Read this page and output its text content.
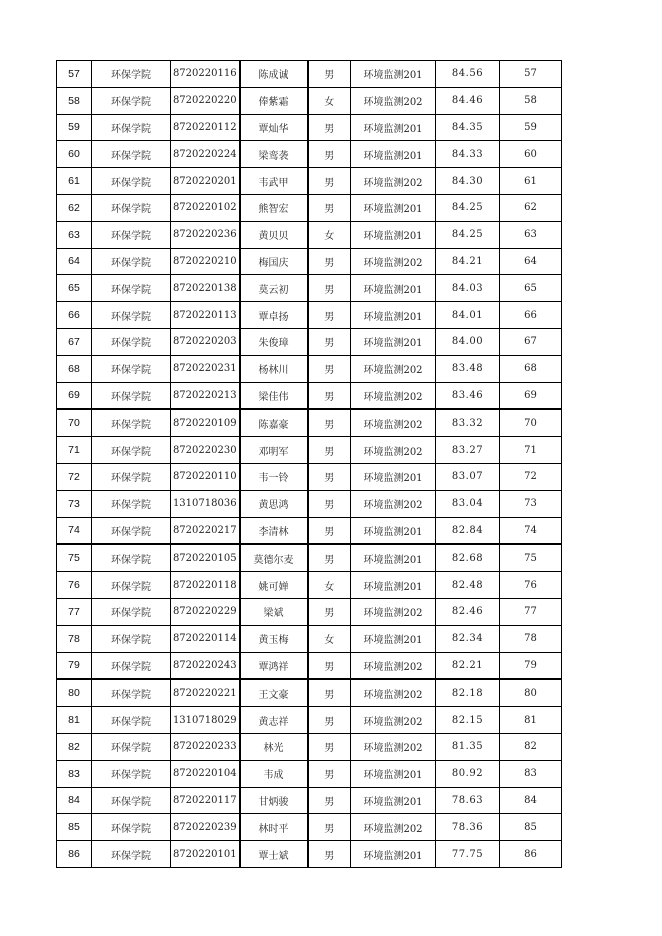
57	环保学院	8720220116	陈成诚	男	环境监测201	84.56	57
58	环保学院	8720220220	俸紫霜	女	环境监测202	84.46	58
59	环保学院	8720220112	覃灿华	男	环境监测201	84.35	59
60	环保学院	8720220224	梁鸾袭	男	环境监测201	84.33	60
61	环保学院	8720220201	韦武甲	男	环境监测202	84.30	61
62	环保学院	8720220102	熊智宏	男	环境监测201	84.25	62
63	环保学院	8720220236	黄贝贝	女	环境监测201	84.25	63
64	环保学院	8720220210	梅国庆	男	环境监测202	84.21	64
65	环保学院	8720220138	莫云初	男	环境监测201	84.03	65
66	环保学院	8720220113	覃卓扬	男	环境监测201	84.01	66
67	环保学院	8720220203	朱俊璋	男	环境监测201	84.00	67
68	环保学院	8720220231	杨林川	男	环境监测202	83.48	68
69	环保学院	8720220213	梁佳伟	男	环境监测202	83.46	69
70	环保学院	8720220109	陈嘉豪	男	环境监测202	83.32	70
71	环保学院	8720220230	邓明军	男	环境监测202	83.27	71
72	环保学院	8720220110	韦一铃	男	环境监测201	83.07	72
73	环保学院	1310718036	黄思鸿	男	环境监测202	83.04	73
74	环保学院	8720220217	李清林	男	环境监测201	82.84	74
75	环保学院	8720220105	莫德尔麦	男	环境监测201	82.68	75
76	环保学院	8720220118	姚可婵	女	环境监测201	82.48	76
77	环保学院	8720220229	梁斌	男	环境监测202	82.46	77
78	环保学院	8720220114	黄玉梅	女	环境监测201	82.34	78
79	环保学院	8720220243	覃鸿祥	男	环境监测202	82.21	79
80	环保学院	8720220221	王文豪	男	环境监测202	82.18	80
81	环保学院	1310718029	黄志祥	男	环境监测202	82.15	81
82	环保学院	8720220233	林光	男	环境监测202	81.35	82
83	环保学院	8720220104	韦成	男	环境监测201	80.92	83
84	环保学院	8720220117	甘炳骏	男	环境监测201	78.63	84
85	环保学院	8720220239	林时平	男	环境监测202	78.36	85
86	环保学院	8720220101	覃士斌	男	环境监测201	77.75	86
